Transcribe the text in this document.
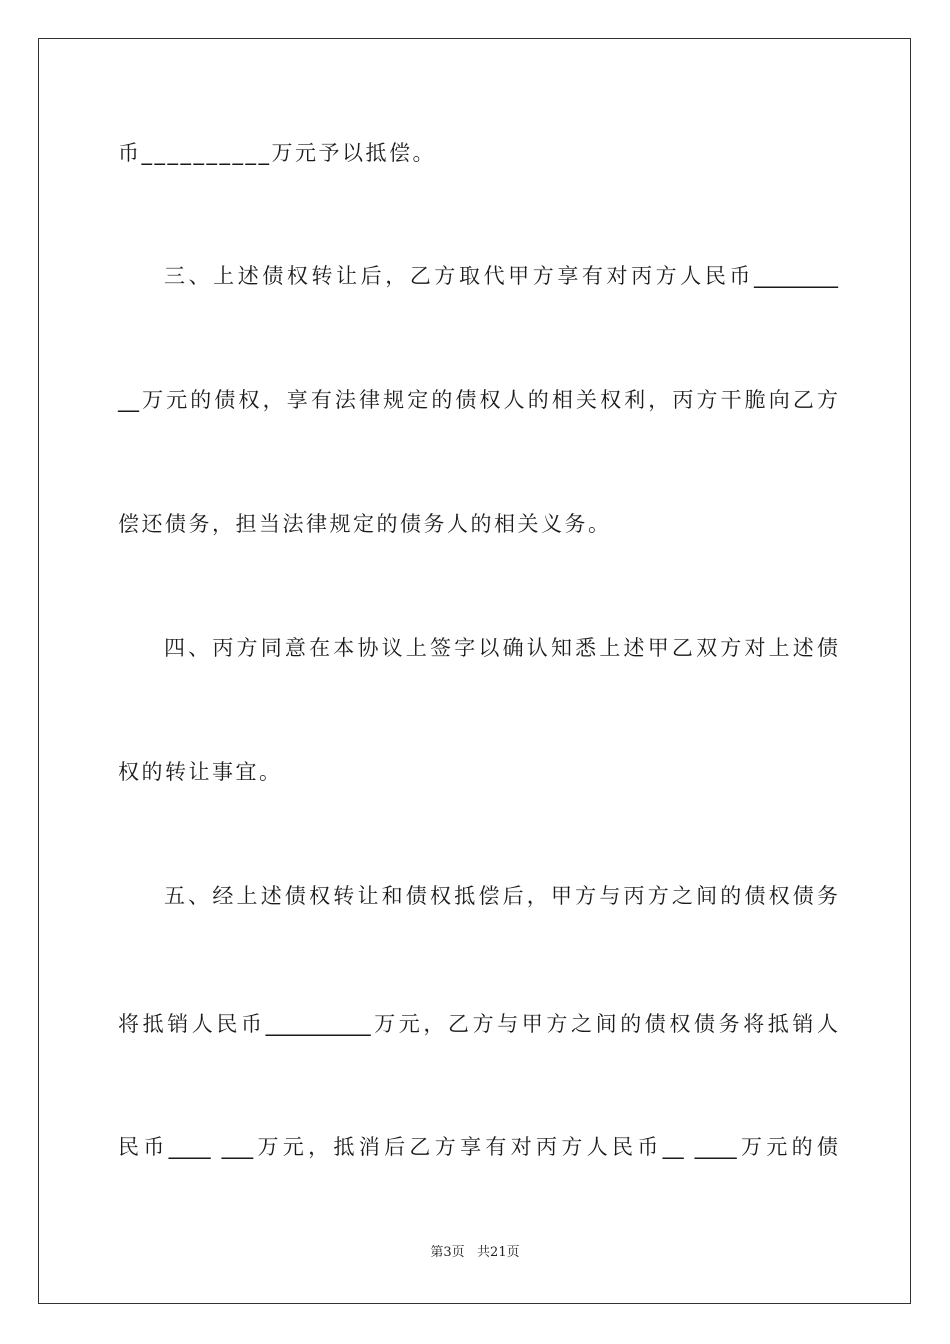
币__________万元予以抵偿。
三、上述债权转让后，乙方取代甲方享有对丙方人民币________
__万元的债权，享有法律规定的债权人的相关权利，丙方干脆向乙方
偿还债务，担当法律规定的债务人的相关义务。
四、丙方同意在本协议上签字以确认知悉上述甲乙双方对上述债
权的转让事宜。
五、经上述债权转让和债权抵偿后，甲方与丙方之间的债权债务
将抵销人民币__________万元，乙方与甲方之间的债权债务将抵销人
民币____ ___万元，抵消后乙方享有对丙方人民币__ ____万元的债
第3页   共21页
